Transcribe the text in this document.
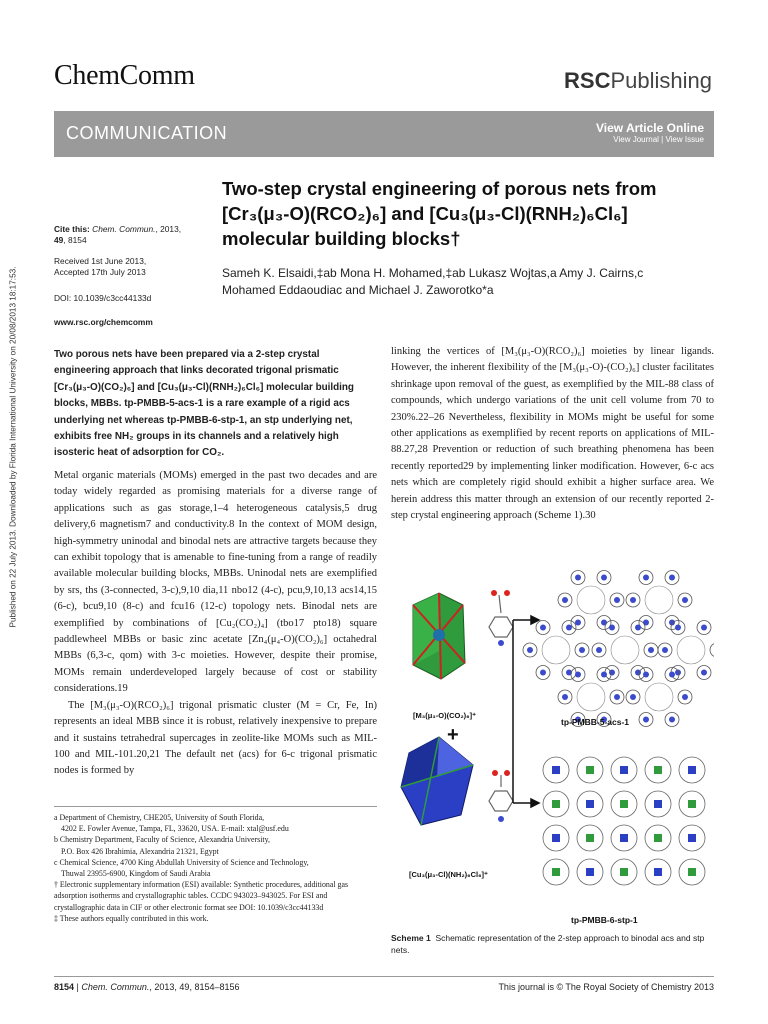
ChemComm	RSCPublishing
COMMUNICATION	View Article Online
View Journal | View Issue
Published on 22 July 2013. Downloaded by Florida International University on 20/08/2013 18:17:53.
Two-step crystal engineering of porous nets from
[Cr₃(μ₃-O)(RCO₂)₆] and [Cu₃(μ₃-Cl)(RNH₂)₆Cl₆]
molecular building blocks†
Sameh K. Elsaidi,‡ab Mona H. Mohamed,‡ab Lukasz Wojtas,a Amy J. Cairns,c
Mohamed Eddaoudiac and Michael J. Zaworotko*a
Cite this: Chem. Commun., 2013,
49, 8154
Received 1st June 2013,
Accepted 17th July 2013
DOI: 10.1039/c3cc44133d
www.rsc.org/chemcomm
Two porous nets have been prepared via a 2-step crystal engineering approach that links decorated trigonal prismatic [Cr₃(μ₃-O)(CO₂)₆] and [Cu₃(μ₃-Cl)(RNH₂)₆Cl₆] molecular building blocks, MBBs. tp-PMBB-5-acs-1 is a rare example of a rigid acs underlying net whereas tp-PMBB-6-stp-1, an stp underlying net, exhibits free NH₂ groups in its channels and a relatively high isosteric heat of adsorption for CO₂.

Metal organic materials (MOMs) emerged in the past two decades and are today widely regarded as promising materials for a diverse range of applications such as gas storage,1–4 heterogeneous catalysis,5 drug delivery,6 magnetism7 and conductivity.8 In the context of MOM design, high-symmetry uninodal and binodal nets are attractive targets because they can exhibit topology that is amenable to fine-tuning from a range of readily available molecular building blocks, MBBs. Uninodal nets are exemplified by srs, ths (3-connected, 3-c),9,10 dia,11 nbo12 (4-c), pcu,9,10,13 acs14,15 (6-c), bcu9,10 (8-c) and fcu16 (12-c) topology nets. Binodal nets are exemplified by combinations of [Cu₂(CO₂)₄] (tbo17 pto18) square paddlewheel MBBs or basic zinc acetate [Zn₄(μ₄-O)(CO₂)₆] octahedral MBBs (6,3-c, qom) with 3-c moieties. However, despite their promise, MOMs remain underdeveloped largely because of cost or stability considerations.19

The [M₃(μ₃-O)(RCO₂)₆] trigonal prismatic cluster (M = Cr, Fe, In) represents an ideal MBB since it is robust, relatively inexpensive to prepare and it sustains tetrahedral supercages in zeolite-like MOMs such as MIL-100 and MIL-101.20,21 The default net (acs) for 6-c trigonal prismatic nodes is formed by

linking the vertices of [M₃(μ₃-O)(RCO₂)₆] moieties by linear ligands. However, the inherent flexibility of the [M₃(μ₃-O)-(CO₂)₆] cluster facilitates shrinkage upon removal of the guest, as exemplified by the MIL-88 class of compounds, which undergo variations of the unit cell volume from 70 to 230%.22–26 Nevertheless, flexibility in MOMs might be useful for some other applications as exemplified by recent reports on applications of MIL-88.27,28 Prevention or reduction of such breathing phenomena has been recently reported29 by implementing linker modification. However, 6-c acs nets which are completely rigid should exhibit a higher surface area. We herein address this matter through an extension of our recently reported 2-step crystal engineering approach (Scheme 1).30
a Department of Chemistry, CHE205, University of South Florida,
4202 E. Fowler Avenue, Tampa, FL, 33620, USA. E-mail: xtal@usf.edu
b Chemistry Department, Faculty of Science, Alexandria University,
P.O. Box 426 Ibrahimia, Alexandria 21321, Egypt
c Chemical Science, 4700 King Abdullah University of Science and Technology,
Thuwal 23955-6900, Kingdom of Saudi Arabia
† Electronic supplementary information (ESI) available: Synthetic procedures, additional gas adsorption isotherms and crystallographic tables. CCDC 943023–943025. For ESI and crystallographic data in CIF or other electronic format see DOI: 10.1039/c3cc44133d
‡ These authors equally contributed in this work.
[M₃(μ₃-O)(CO₂)₆]⁺
+
[Cu₃(μ₃-Cl)(NH₂)₆Cl₆]⁺
tp-PMBB-5-acs-1
tp-PMBB-6-stp-1
Scheme 1 Schematic representation of the 2-step approach to binodal acs and stp nets.
8154 | Chem. Commun., 2013, 49, 8154–8156	This journal is © The Royal Society of Chemistry 2013
